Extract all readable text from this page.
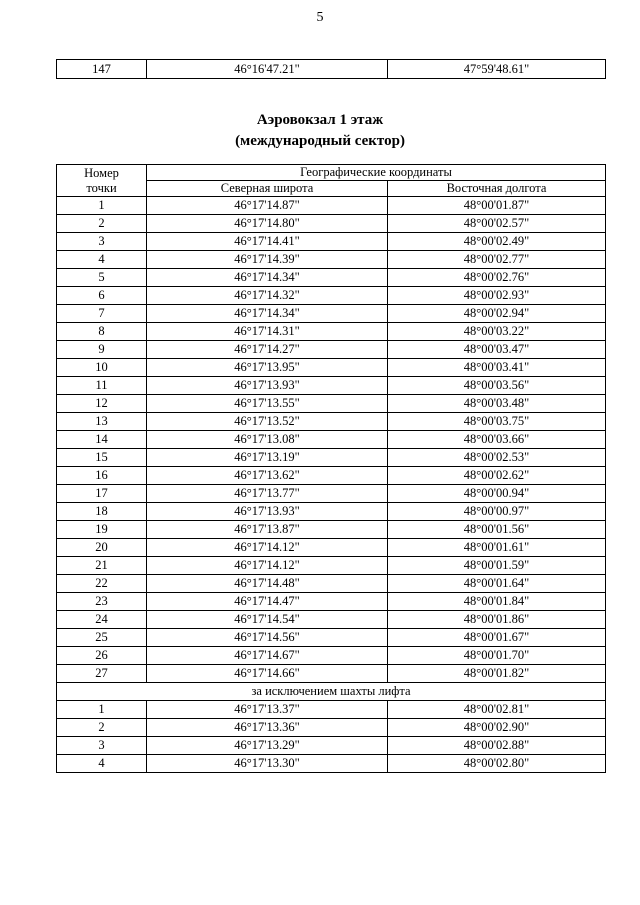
5
147	46°16'47.21"	47°59'48.61"
Аэровокзал 1 этаж
(международный сектор)
Номер
точки	Географические координаты	
	Северная широта	Восточная долгота
1	46°17'14.87"	48°00'01.87"
2	46°17'14.80"	48°00'02.57"
3	46°17'14.41"	48°00'02.49"
4	46°17'14.39"	48°00'02.77"
5	46°17'14.34"	48°00'02.76"
6	46°17'14.32"	48°00'02.93"
7	46°17'14.34"	48°00'02.94"
8	46°17'14.31"	48°00'03.22"
9	46°17'14.27"	48°00'03.47"
10	46°17'13.95"	48°00'03.41"
11	46°17'13.93"	48°00'03.56"
12	46°17'13.55"	48°00'03.48"
13	46°17'13.52"	48°00'03.75"
14	46°17'13.08"	48°00'03.66"
15	46°17'13.19"	48°00'02.53"
16	46°17'13.62"	48°00'02.62"
17	46°17'13.77"	48°00'00.94"
18	46°17'13.93"	48°00'00.97"
19	46°17'13.87"	48°00'01.56"
20	46°17'14.12"	48°00'01.61"
21	46°17'14.12"	48°00'01.59"
22	46°17'14.48"	48°00'01.64"
23	46°17'14.47"	48°00'01.84"
24	46°17'14.54"	48°00'01.86"
25	46°17'14.56"	48°00'01.67"
26	46°17'14.67"	48°00'01.70"
27	46°17'14.66"	48°00'01.82"
за исключением шахты лифта		
1	46°17'13.37"	48°00'02.81"
2	46°17'13.36"	48°00'02.90"
3	46°17'13.29"	48°00'02.88"
4	46°17'13.30"	48°00'02.80"
